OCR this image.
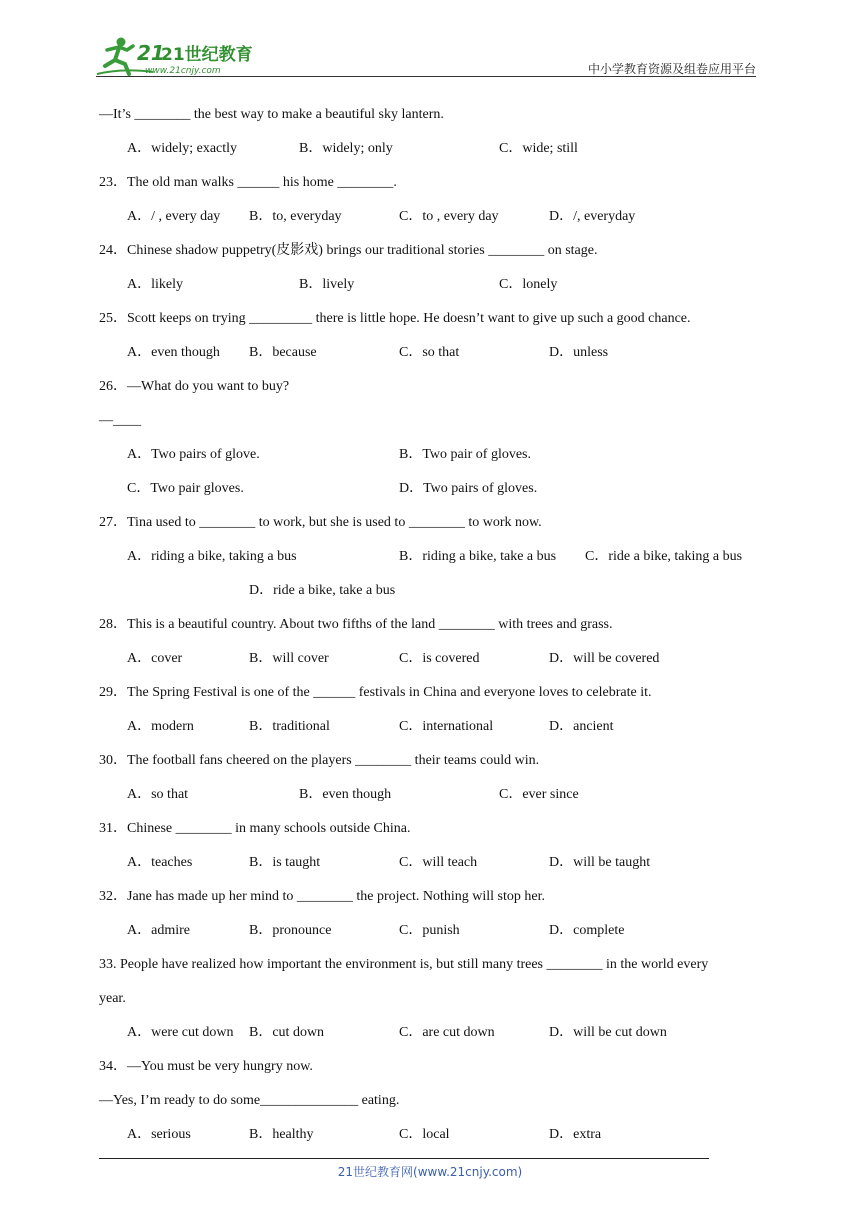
21
21世纪教育
www.21cnjy.com	中小学教育资源及组卷应用平台
—It’s ________ the best way to make a beautiful sky lantern.
A．widely; exactly	B．widely; only	C．wide; still
23．The old man walks ______ his home ________.
A．/ , every day B．to, everyday	C．to , every day	D．/, everyday
24．Chinese shadow puppetry(皮影戏) brings our traditional stories ________ on stage.
A．likely	B．lively	C．lonely
25．Scott keeps on trying _________ there is little hope. He doesn’t want to give up such a good chance.
A．even though B．because	C．so that	D．unless
26．—What do you want to buy?
—____
A．Two pairs of glove.	B．Two pair of gloves.
C．Two pair gloves.	D．Two pairs of gloves.
27．Tina used to ________ to work, but she is used to ________ to work now.
A．riding a bike, taking a bus	B．riding a bike, take a bus C．ride a bike, taking a bus
D．ride a bike, take a bus
28．This is a beautiful country. About two fifths of the land ________ with trees and grass.
A．cover	B．will cover	C．is covered	D．will be covered
29．The Spring Festival is one of the ______ festivals in China and everyone loves to celebrate it.
A．modern	B．traditional	C．international	D．ancient
30．The football fans cheered on the players ________ their teams could win.
A．so that	B．even though	C．ever since
31．Chinese ________ in many schools outside China.
A．teaches	B．is taught	C．will teach	D．will be taught
32．Jane has made up her mind to ________ the project. Nothing will stop her.
A．admire	B．pronounce	C．punish	D．complete
33. People have realized how important the environment is, but still many trees ________ in the world every
year.
A．were cut down B．cut down	C．are cut down	D．will be cut down
34．—You must be very hungry now.
—Yes, I’m ready to do some______________ eating.
A．serious	B．healthy	C．local	D．extra
21世纪教育网(www.21cnjy.com)
